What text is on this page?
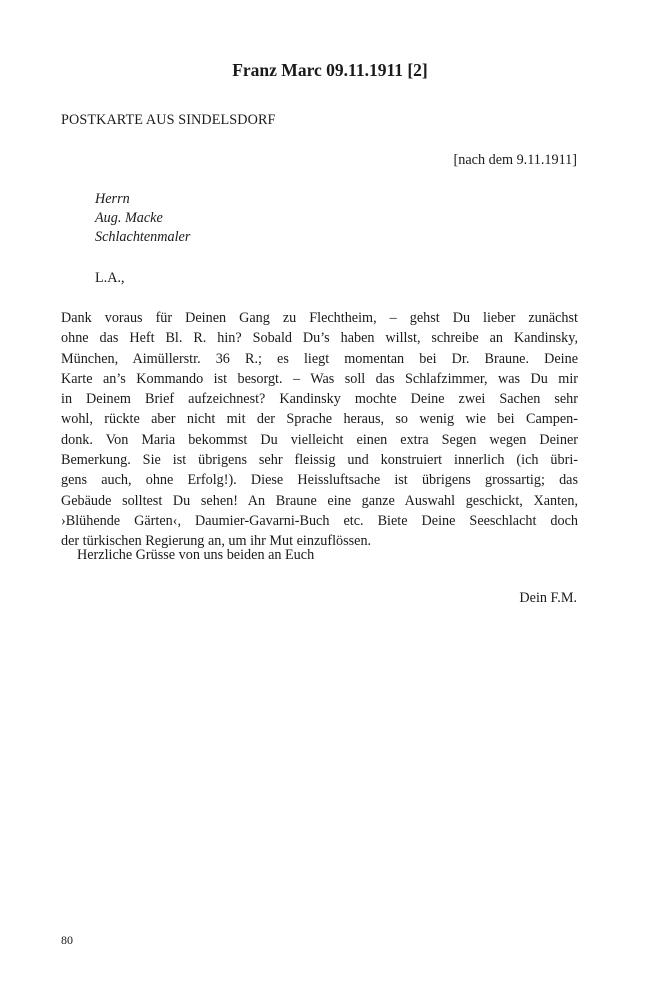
Franz Marc 09.11.1911 [2]
POSTKARTE AUS SINDELSDORF
[nach dem 9.11.1911]
Herrn
Aug. Macke
Schlachtenmaler
L.A.,
Dank voraus für Deinen Gang zu Flechtheim, – gehst Du lieber zunächst
ohne das Heft Bl. R. hin? Sobald Du’s haben willst, schreibe an Kandinsky,
München, Aimüllerstr. 36 R.; es liegt momentan bei Dr. Braune. Deine
Karte an’s Kommando ist besorgt. – Was soll das Schlafzimmer, was Du mir
in Deinem Brief aufzeichnest? Kandinsky mochte Deine zwei Sachen sehr
wohl, rückte aber nicht mit der Sprache heraus, so wenig wie bei Campen-
donk. Von Maria bekommst Du vielleicht einen extra Segen wegen Deiner
Bemerkung. Sie ist übrigens sehr fleissig und konstruiert innerlich (ich übri-
gens auch, ohne Erfolg!). Diese Heissluftsache ist übrigens grossartig; das
Gebäude solltest Du sehen! An Braune eine ganze Auswahl geschickt, Xanten,
›Blühende Gärten‹, Daumier-Gavarni-Buch etc. Biete Deine Seeschlacht doch
der türkischen Regierung an, um ihr Mut einzuflössen.
Herzliche Grüsse von uns beiden an Euch
Dein F.M.
80
